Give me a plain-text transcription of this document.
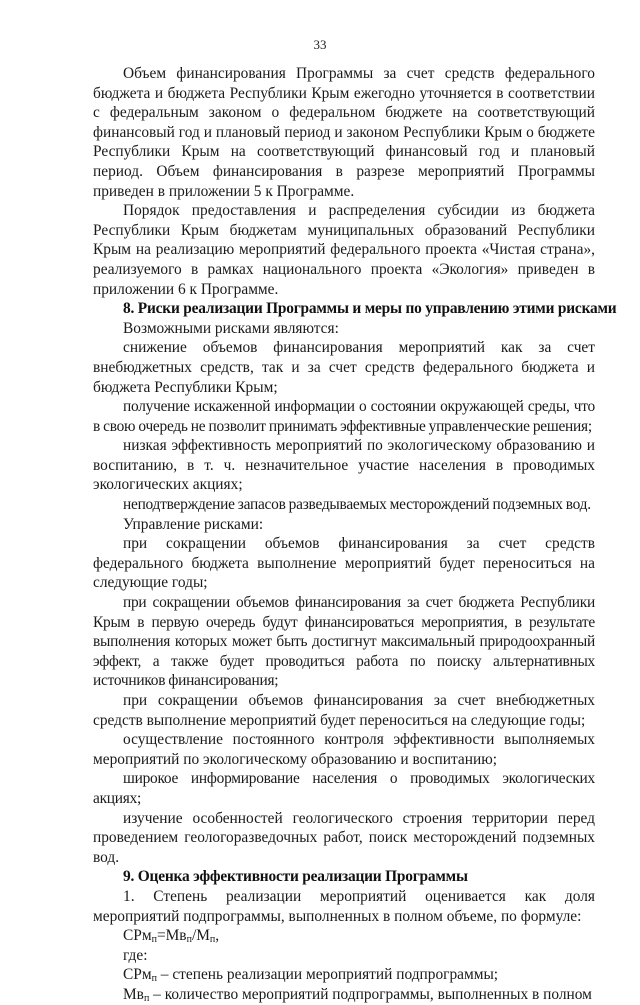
33

Объем финансирования Программы за счет средств федерального бюджета и бюджета Республики Крым ежегодно уточняется в соответствии с федеральным законом о федеральном бюджете на соответствующий финансовый год и плановый период и законом Республики Крым о бюджете Республики Крым на соответствующий финансовый год и плановый период. Объем финансирования в разрезе мероприятий Программы приведен в приложении 5 к Программе.

Порядок предоставления и распределения субсидии из бюджета Республики Крым бюджетам муниципальных образований Республики Крым на реализацию мероприятий федерального проекта «Чистая страна», реализуемого в рамках национального проекта «Экология» приведен в приложении 6 к Программе.

8. Риски реализации Программы и меры по управлению этими рисками

Возможными рисками являются:

снижение объемов финансирования мероприятий как за счет внебюджетных средств, так и за счет средств федерального бюджета и бюджета Республики Крым;

получение искаженной информации о состоянии окружающей среды, что в свою очередь не позволит принимать эффективные управленческие решения;

низкая эффективность мероприятий по экологическому образованию и воспитанию, в т. ч. незначительное участие населения в проводимых экологических акциях;

неподтверждение запасов разведываемых месторождений подземных вод.

Управление рисками:

при сокращении объемов финансирования за счет средств федерального бюджета выполнение мероприятий будет переноситься на следующие годы;

при сокращении объемов финансирования за счет бюджета Республики Крым в первую очередь будут финансироваться мероприятия, в результате выполнения которых может быть достигнут максимальный природоохранный эффект, а также будет проводиться работа по поиску альтернативных источников финансирования;

при сокращении объемов финансирования за счет внебюджетных средств выполнение мероприятий будет переноситься на следующие годы;

осуществление постоянного контроля эффективности выполняемых мероприятий по экологическому образованию и воспитанию;

широкое информирование населения о проводимых экологических акциях;

изучение особенностей геологического строения территории перед проведением геологоразведочных работ, поиск месторождений подземных вод.

9. Оценка эффективности реализации Программы

1. Степень реализации мероприятий оценивается как доля мероприятий подпрограммы, выполненных в полном объеме, по формуле:

$СРм_п=Мв_п/М_п$,

где:

СРм$_п$ – степень реализации мероприятий подпрограммы;

$Мв_п$ – количество мероприятий подпрограммы, выполненных в полном
